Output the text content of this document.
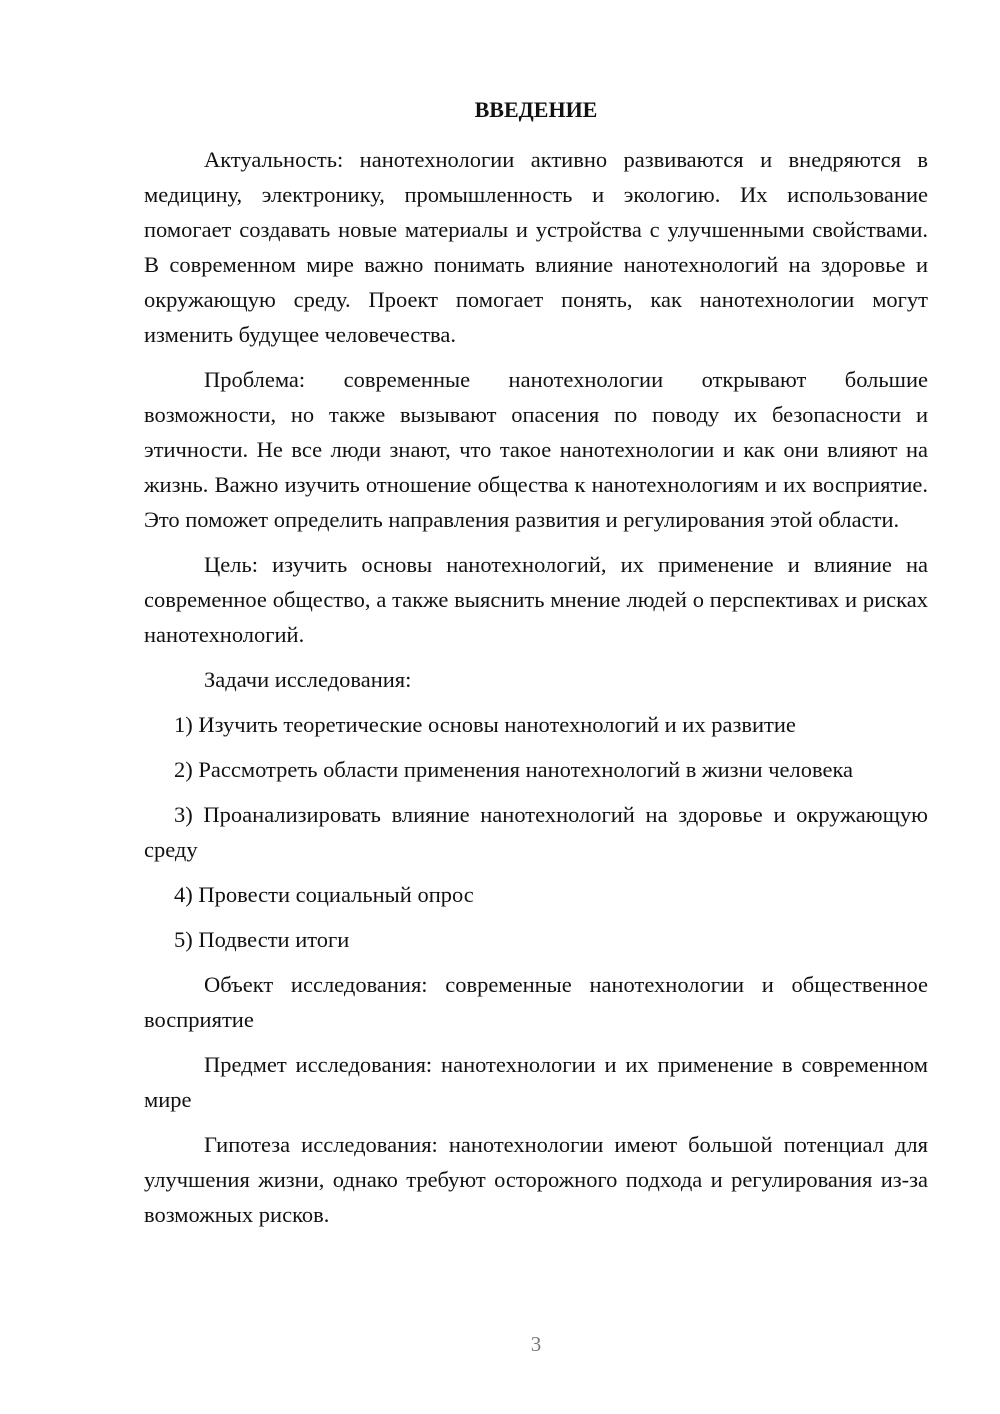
ВВЕДЕНИЕ

Актуальность: нанотехнологии активно развиваются и внедряются в медицину, электронику, промышленность и экологию. Их использование помогает создавать новые материалы и устройства с улучшенными свойствами. В современном мире важно понимать влияние нанотехнологий на здоровье и окружающую среду. Проект помогает понять, как нанотехнологии могут изменить будущее человечества.

Проблема: современные нанотехнологии открывают большие возможности, но также вызывают опасения по поводу их безопасности и этичности. Не все люди знают, что такое нанотехнологии и как они влияют на жизнь. Важно изучить отношение общества к нанотехнологиям и их восприятие. Это поможет определить направления развития и регулирования этой области.

Цель: изучить основы нанотехнологий, их применение и влияние на современное общество, а также выяснить мнение людей о перспективах и рисках нанотехнологий.

Задачи исследования:

1) Изучить теоретические основы нанотехнологий и их развитие
2) Рассмотреть области применения нанотехнологий в жизни человека
3) Проанализировать влияние нанотехнологий на здоровье и окружающую среду
4) Провести социальный опрос
5) Подвести итоги

Объект исследования: современные нанотехнологии и общественное восприятие

Предмет исследования: нанотехнологии и их применение в современном мире

Гипотеза исследования: нанотехнологии имеют большой потенциал для улучшения жизни, однако требуют осторожного подхода и регулирования из-за возможных рисков.

3
